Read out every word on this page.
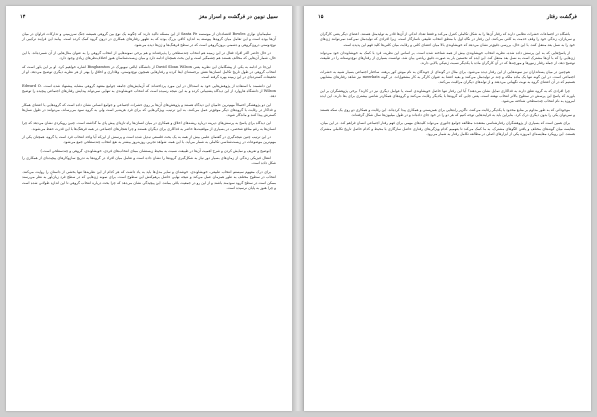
۱۴	سبیل نوبین در فرگشت و اسرار مغز

سلیمانیان نواری Bowles اقتصاددان از موسسه Santa Fe از این مسئله تاکید دارند که چگونه یک نوع بین گروهی همیشه جنگ سرزمینی و تدارکات فراوان در میان آن‌ها بوده است و این تعامل میان گروه‌ها پیوسته به اندازه کافی بزرگ بوده که به ظهور رفتارهای همکاری در درون گروه کمک کرده است. پیامد این فرایند ترکیبی از نوع‌دوستی درون‌گروهی و دشمنی برون‌گروهی است که در سطح فرهنگ‌ها و ژن‌ها دیده می‌شود.

در حال حاضر اکثر افراد فعال در این زمینه هم انتخاب چندسطحی را پذیرفته‌اند و هم برخی نمونه‌هایی از انتخاب گروهی را به عنوان مثال‌هایی از آن شمرده‌اند. با این حال، شمار آن‌هایی که مخالف هستند هم چشمگیر است و این بحث همچنان ادامه دارد و میان زیست‌شناسان هنوز اختلاف‌نظرهای زیادی وجود دارد.

این‌جا در ادامه به یکی از پیشگامان این نظریه یعنی David Sloan Wilson از دانشگاه ایالتی نیویورک در Binghamton اشاره خواهیم کرد. او بر این باور است که انتخاب گروهی در طول تاریخ تکامل انسان‌ها نقش برجسته‌ای ایفا کرده و رفتارهایی همچون نوع‌دوستی، وفاداری و اخلاق را بهتر از هر نظریه دیگری توضیح می‌دهد. او از تحقیقات گسترده‌ای در این زمینه بهره گرفته است.

این دانشمند با استفاده از پژوهش‌هایی خود به استدلال در این مورد پرداخته‌اند که آزمایش‌های جامعه جوامع متعهد گروهی مشابه پیشنهاد شده است. Edward O. Wilson از دانشگاه هاروارد از این دیدگاه پشتیبانی کرده و به این نتیجه رسیده است که انتخاب خویشاوندی به تنهایی نمی‌تواند پیدایش رفتارهای اجتماعی پیچیده را توضیح دهد.

این دو پژوهشگر احتمالاً مهم‌ترین حامیان این دیدگاه هستند و پژوهش‌های آن‌ها بر روی حشرات اجتماعی و جوامع انسانی نشان داده است که گروه‌هایی با اعضای همکار و فداکار در رقابت با گروه‌های دیگر موفق‌تر عمل می‌کنند. به این ترتیب، ویژگی‌هایی که برای فرد هزینه‌بر است ولی به گروه سود می‌رساند، می‌توانند در طول نسل‌ها گسترش پیدا کنند و ماندگار شوند.

این دیدگاه برای پاسخ به پرسش‌های دیرینه درباره ریشه‌های اخلاق و همکاری در میان انسان‌ها راه تازه‌ای پیش پای ما گذاشته است. چنین رویکردی نشان می‌دهد که چرا انسان‌ها به رغم منافع شخصی، در بسیاری از موقعیت‌ها حاضر به فداکاری برای دیگران هستند و چرا هنجارهای اجتماعی در همه فرهنگ‌ها با این قدرت حفظ می‌شوند.

در این ترتیب چنین نتیجه‌گیری در گفتمان علمی بیش از همه به یک بحث فلسفی تبدیل شده است و پرسش از این‌که آیا واحد انتخاب فرد است یا گروه، همچنان یکی از مهم‌ترین موضوعات در زیست‌شناسی تکاملی به شمار می‌آید. با این همه، شواهد تجربی روزبه‌روز بیشتر به نفع انتخاب چندسطحی جمع می‌شود.

(توضیح و تعریف و نمایش کردن و شرح اهمیت آن‌ها در طبیعت نسبت به محیط زیستشان مبنای انتخاب‌های فردی، خویشاوندی، گروهی و چندسطحی است.)

انتقال فیزیکی زندگی از زمان‌های بسیار دور نیاز به شکل‌گیری گروه‌ها را نشان داده است و تعامل میان افراد در گروه‌ها به تدریج سازوکارهای پیچیده‌ای از همکاری را شکل داده است.

برای درک مفهوم سیستم انتخاب طبیعی، خویشاوندی، خوشه‌ای و سایر مدل‌ها باید به یاد داشت که هر کدام از این نظریه‌ها تنها بخشی از داستان را روایت می‌کنند. انتخاب در سطوح مختلف به طور همزمان عمل می‌کند و نتیجه نهایی حاصل برهم‌کنش این سطوح است. برای نمونه ژن‌هایی که در سطح فرد زیان‌آور به نظر می‌رسند ممکن است در سطح گروه سودمند باشند و از این رو در جمعیت باقی بمانند. این پیچیدگی نشان می‌دهد که چرا بحث درباره انتخاب گروهی تا این اندازه طولانی شده است و چرا هنوز به پایان نرسیده است.

۱۵	فرگشت رفتار

باشگاه در اجتماعات حشرات نظامی دارند که رفتار آن‌ها را به شکل تکاملی کنترل می‌کند و فقط تعداد اندکی از آن‌ها قادر به تولیدمثل هستند. اعضای دیگر یعنی کارگران و سربازان، زندگی خود را وقف خدمت به کلنی می‌کنند. این رفتار در نگاه اول با منطق انتخاب طبیعی ناسازگار است، زیرا افرادی که تولیدمثل نمی‌کنند نمی‌توانند ژن‌های خود را به نسل بعد منتقل کنند. با این حال، بررسی دقیق‌تر نشان می‌دهد که خویشاوندی بالا میان اعضای کلنی و رقابت میان کلنی‌ها کلید فهم این پدیده است.

از پاسخ‌هایی که به این پرسش داده شده، نظریه انتخاب خویشاوندی بیش از همه شناخته شده است. بر اساس این نظریه، فرد با کمک به خویشاوندان خود می‌تواند ژن‌هایی را که با آن‌ها مشترک است به نسل بعد منتقل کند. این ایده که نخستین بار به صورت دقیق ریاضی بیان شد، توانست بسیاری از رفتارهای نوع‌دوستانه را در طبیعت توضیح دهد، از جمله رفتار زنبورها و مورچه‌ها که در آن کارگران ماده با یکدیگر نسبت ژنتیکی بالایی دارند.

هم‌چنین در میان پستانداران نیز نمونه‌هایی از این رفتار دیده می‌شود. برای مثال در گونه‌ای از جوندگان به نام موش کور برهنه، ساختار اجتماعی بسیار شبیه به حشرات اجتماعی است. در این گونه تنها یک ماده ملکه و چند نر تولیدمثل می‌کنند و بقیه اعضا به عنوان کارگر به کار مشغول‌اند. در گونه meerkats نیز شاهد رفتارهای مشابهی هستیم که در آن اعضای گروه به نوبت نگهبانی می‌دهند و از توله‌های دیگران مراقبت می‌کنند.

چرا افرادی که به گروه تعلق دارند به فداکاری تمایل نشان می‌دهند؟ آیا این رفتار تنها حاصل خویشاوندی است یا عوامل دیگری نیز در کارند؟ برخی پژوهشگران بر این باورند که پاسخ این پرسش در سطوح بالاتر انتخاب نهفته است، یعنی جایی که گروه‌ها با یکدیگر رقابت می‌کنند و گروه‌های همکارتر شانس بیشتری برای بقا دارند. این ایده امروزه به نام انتخاب چندسطحی شناخته می‌شود.

موجوداتی که به طور مداوم بر منابع محدود با یکدیگر رقابت می‌کنند، ناگزیر راه‌هایی برای همزیستی و همکاری پیدا کرده‌اند. این رقابت و همکاری دو روی یک سکه هستند و نمی‌توان یکی را بدون دیگری درک کرد. بنابراین باید به فرایندهایی توجه کنیم که هر دو را در خود جای داده‌اند و در طول میلیون‌ها سال شکل گرفته‌اند.

برای همین است که بسیاری از پژوهشگران رفتارشناسی معتقدند مطالعه جوامع جانوری می‌تواند کلیدهای مهمی برای فهم رفتار اجتماعی انسان فراهم کند. در این میان، مقایسه میان گونه‌های مختلف و یافتن الگوهای مشترک، به ما کمک می‌کند تا بفهمیم کدام ویژگی‌های رفتاری حاصل سازگاری با محیط و کدام حاصل تاریخ تکاملی مشترک هستند. این رویکرد مقایسه‌ای امروزه یکی از ابزارهای اصلی در مطالعه تکامل رفتار به شمار می‌رود.
